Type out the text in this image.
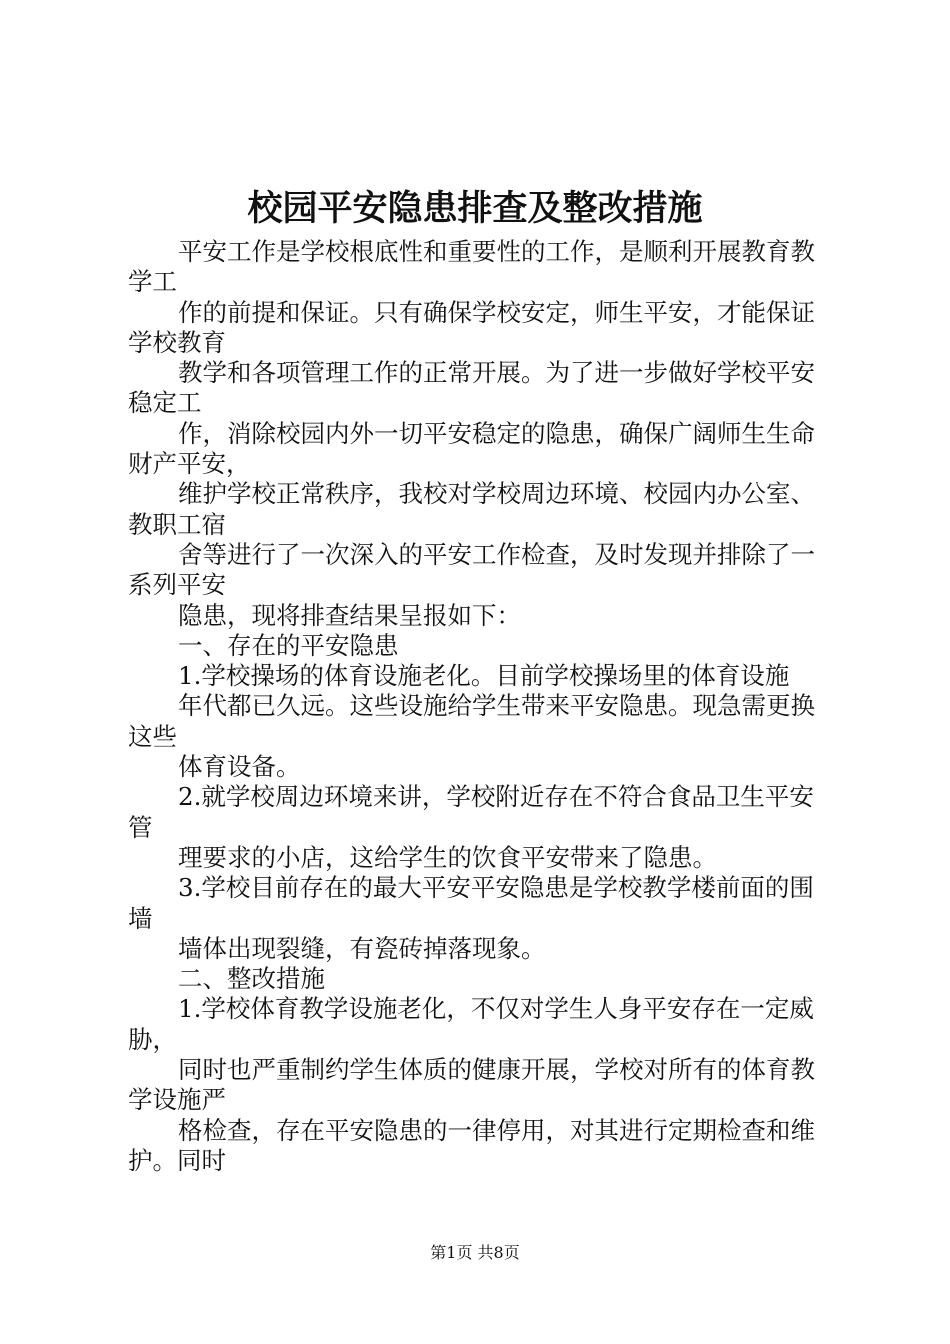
校园平安隐患排查及整改措施
平安工作是学校根底性和重要性的工作，是顺利开展教育教
学工
作的前提和保证。只有确保学校安定，师生平安，才能保证
学校教育
教学和各项管理工作的正常开展。为了进一步做好学校平安
稳定工
作，消除校园内外一切平安稳定的隐患，确保广阔师生生命
财产平安，
维护学校正常秩序，我校对学校周边环境、校园内办公室、
教职工宿
舍等进行了一次深入的平安工作检查，及时发现并排除了一
系列平安
隐患，现将排查结果呈报如下：
一、存在的平安隐患
1.学校操场的体育设施老化。目前学校操场里的体育设施
年代都已久远。这些设施给学生带来平安隐患。现急需更换
这些
体育设备。
2.就学校周边环境来讲，学校附近存在不符合食品卫生平安
管
理要求的小店，这给学生的饮食平安带来了隐患。
3.学校目前存在的最大平安平安隐患是学校教学楼前面的围
墙
墙体出现裂缝，有瓷砖掉落现象。
二、整改措施
1.学校体育教学设施老化，不仅对学生人身平安存在一定威
胁，
同时也严重制约学生体质的健康开展，学校对所有的体育教
学设施严
格检查，存在平安隐患的一律停用，对其进行定期检查和维
护。同时
第1页 共8页
